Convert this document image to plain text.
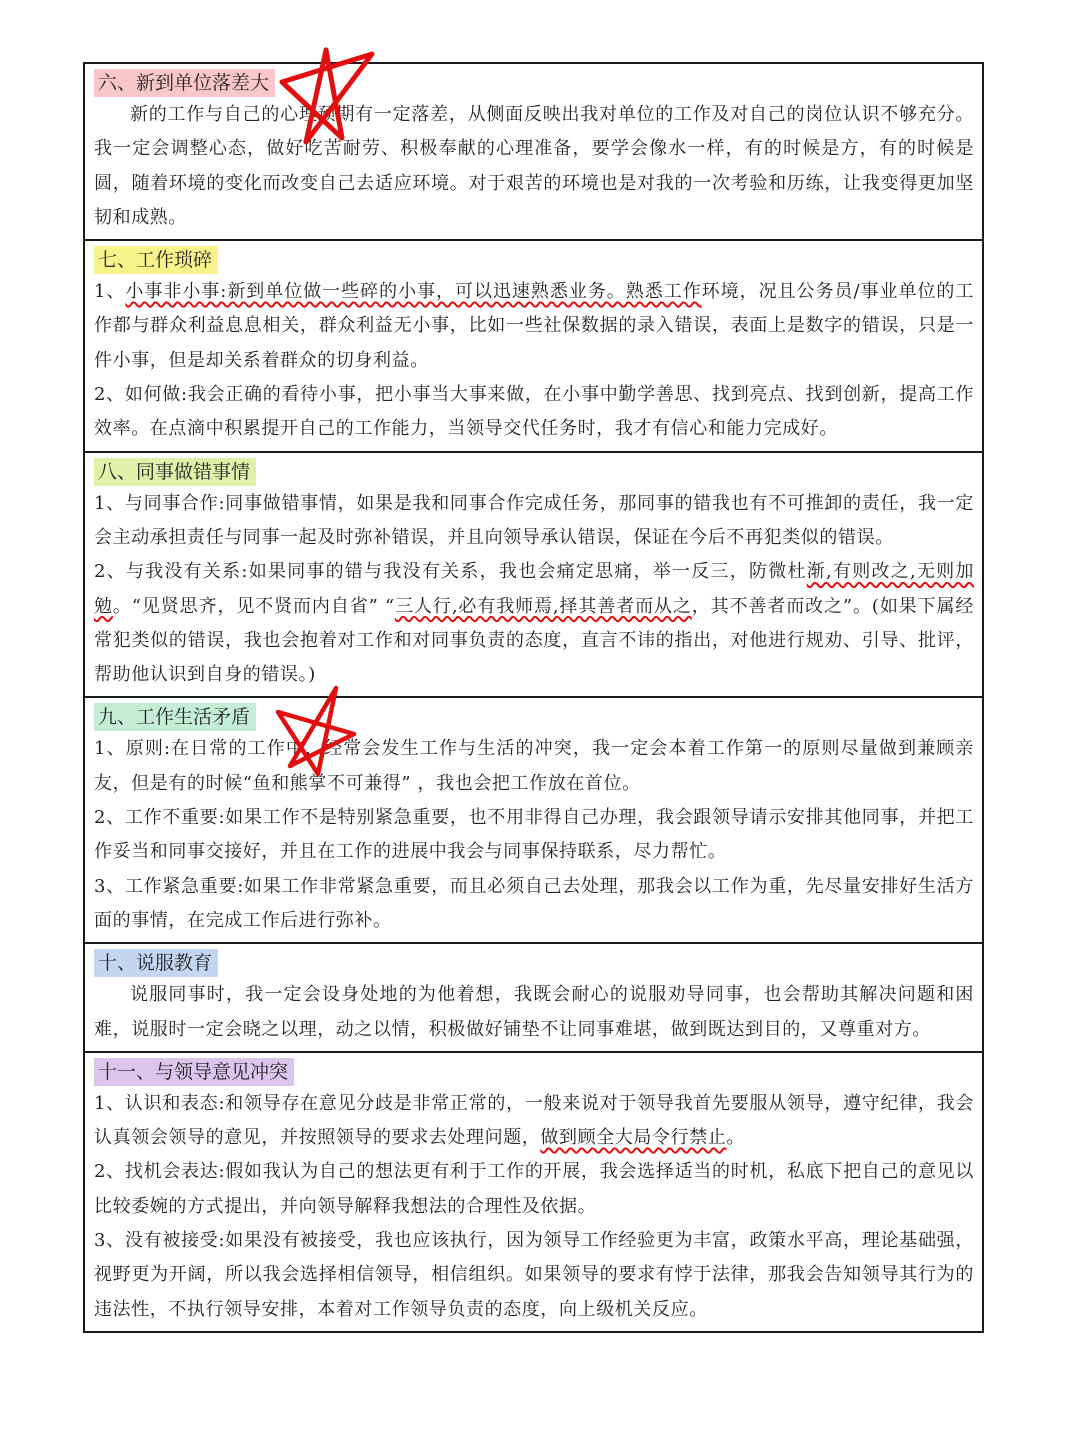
六、新到单位落差大

新的工作与自己的心理预期有一定落差，从侧面反映出我对单位的工作及对自己的岗位认识不够充分。我一定会调整心态，做好吃苦耐劳、积极奉献的心理准备，要学会像水一样，有的时候是方，有的时候是圆，随着环境的变化而改变自己去适应环境。对于艰苦的环境也是对我的一次考验和历练，让我变得更加坚韧和成熟。

七、工作琐碎

1、小事非小事:新到单位做一些碎的小事，可以迅速熟悉业务。熟悉工作环境，况且公务员/事业单位的工作都与群众利益息息相关，群众利益无小事，比如一些社保数据的录入错误，表面上是数字的错误，只是一件小事，但是却关系着群众的切身利益。

2、如何做:我会正确的看待小事，把小事当大事来做，在小事中勤学善思、找到亮点、找到创新，提高工作效率。在点滴中积累提开自己的工作能力，当领导交代任务时，我才有信心和能力完成好。

八、同事做错事情

1、与同事合作:同事做错事情，如果是我和同事合作完成任务，那同事的错我也有不可推卸的责任，我一定会主动承担责任与同事一起及时弥补错误，并且向领导承认错误，保证在今后不再犯类似的错误。

2、与我没有关系:如果同事的错与我没有关系，我也会痛定思痛，举一反三，防微杜渐,有则改之,无则加勉。“见贤思齐，见不贤而内自省” “三人行,必有我师焉,择其善者而从之，其不善者而改之”。(如果下属经常犯类似的错误，我也会抱着对工作和对同事负责的态度，直言不讳的指出，对他进行规劝、引导、批评，帮助他认识到自身的错误。)

九、工作生活矛盾

1、原则:在日常的工作中，经常会发生工作与生活的冲突，我一定会本着工作第一的原则尽量做到兼顾亲友，但是有的时候“鱼和熊掌不可兼得” ，我也会把工作放在首位。

2、工作不重要:如果工作不是特别紧急重要，也不用非得自己办理，我会跟领导请示安排其他同事，并把工作妥当和同事交接好，并且在工作的进展中我会与同事保持联系，尽力帮忙。

3、工作紧急重要:如果工作非常紧急重要，而且必须自己去处理，那我会以工作为重，先尽量安排好生活方面的事情，在完成工作后进行弥补。

十、说服教育

说服同事时，我一定会设身处地的为他着想，我既会耐心的说服劝导同事，也会帮助其解决问题和困难，说服时一定会晓之以理，动之以情，积极做好铺垫不让同事难堪，做到既达到目的，又尊重对方。

十一、与领导意见冲突

1、认识和表态:和领导存在意见分歧是非常正常的，一般来说对于领导我首先要服从领导，遵守纪律，我会认真领会领导的意见，并按照领导的要求去处理问题，做到顾全大局令行禁止。

2、找机会表达:假如我认为自己的想法更有利于工作的开展，我会选择适当的时机，私底下把自己的意见以比较委婉的方式提出，并向领导解释我想法的合理性及依据。

3、没有被接受:如果没有被接受，我也应该执行，因为领导工作经验更为丰富，政策水平高，理论基础强，视野更为开阔，所以我会选择相信领导，相信组织。如果领导的要求有悖于法律，那我会告知领导其行为的违法性，不执行领导安排，本着对工作领导负责的态度，向上级机关反应。
